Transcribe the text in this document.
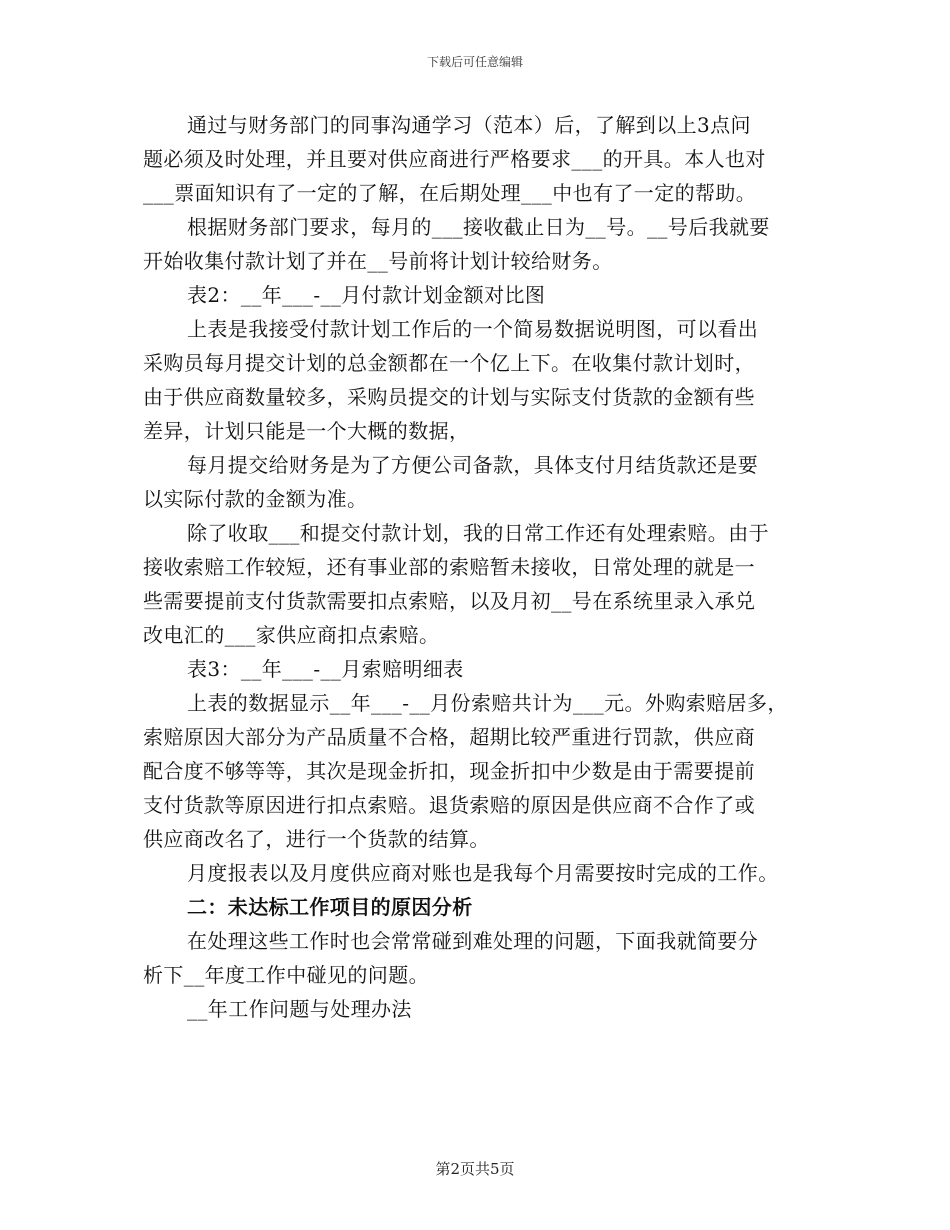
下载后可任意编辑
通过与财务部门的同事沟通学习（范本）后，了解到以上3点问
题必须及时处理，并且要对供应商进行严格要求___的开具。本人也对
___票面知识有了一定的了解，在后期处理___中也有了一定的帮助。
根据财务部门要求，每月的___接收截止日为__号。__号后我就要
开始收集付款计划了并在__号前将计划计较给财务。
表2：__年___-__月付款计划金额对比图
上表是我接受付款计划工作后的一个简易数据说明图，可以看出
采购员每月提交计划的总金额都在一个亿上下。在收集付款计划时，
由于供应商数量较多，采购员提交的计划与实际支付货款的金额有些
差异，计划只能是一个大概的数据，
每月提交给财务是为了方便公司备款，具体支付月结货款还是要
以实际付款的金额为准。
除了收取___和提交付款计划，我的日常工作还有处理索赔。由于
接收索赔工作较短，还有事业部的索赔暂未接收，日常处理的就是一
些需要提前支付货款需要扣点索赔，以及月初__号在系统里录入承兑
改电汇的___家供应商扣点索赔。
表3：__年___-__月索赔明细表
上表的数据显示__年___-__月份索赔共计为___元。外购索赔居多，
索赔原因大部分为产品质量不合格，超期比较严重进行罚款，供应商
配合度不够等等，其次是现金折扣，现金折扣中少数是由于需要提前
支付货款等原因进行扣点索赔。退货索赔的原因是供应商不合作了或
供应商改名了，进行一个货款的结算。
月度报表以及月度供应商对账也是我每个月需要按时完成的工作。
二：未达标工作项目的原因分析
在处理这些工作时也会常常碰到难处理的问题，下面我就简要分
析下__年度工作中碰见的问题。
__年工作问题与处理办法
第2页共5页
